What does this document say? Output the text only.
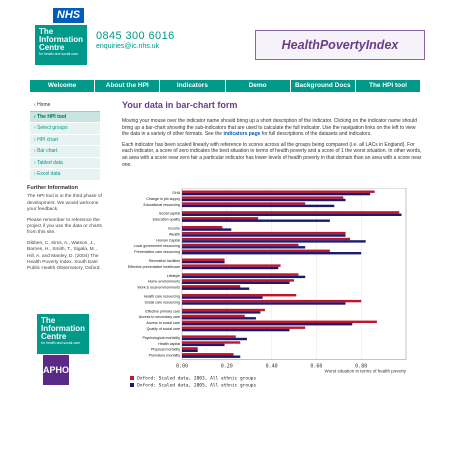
NHS
The
Information
Centre
for health and social care
0845 300 6016
enquiries@ic.nhs.uk	HealthPovertyIndex
Welcome	About the HPI	Indicators	Demo	Background Docs	The HPI tool
‹ Home
‹ The HPI tool
› Select groups
› HPI chart
› Bar chart
› Tabled data
› Excel data

Further Information

The HPI tool is in the third phase of development. We would welcome your feedback.

Please remember to reference the project if you use the data or charts from this site.

Dibben, C, Sims, A., Watson, J., Barnes, H., Smith, T., Sigala, M. , Hill, A. and Manley, D. (2004) The Health Poverty Index. South East Public Health Observatory, Oxford.

The
Information
Centre
for health and social care
APHO
Your data in bar-chart form

Moving your mouse over the indicator name should bring up a short description of the indicator. Clicking on the indicator name should bring up a bar-chart showing the sub-indicators that are used to calculate the full indicator. Use the navigation links on the left to view the data in a variety of other formats. See the indicators page for full descriptions of the datasets and indicators.

Each indicator has been scaled linearly with reference to scores across all the groups being compared (i.e. all LACs in England). For each indicator, a score of zero indicates the best situation in terms of health poverty and a score of 1 the worst situation. In other words, an area with a score near zero fair a particular indicator has lower levels of health poverty in that domain than an area with a score near one.

0.00	0.20	0.40	0.60	0.80
GHA
Change in job supply
Educational resourcing
Social capital
Education quality
Income
Wealth
Human Capital
Local government resourcing
Preventative care resourcing
Recreation facilities
Effective preventative healthcare
Lifestyle
Home environments
Work & local environments
Health care resourcing
Social care resourcing
Effective primary care
Access to secondary care
Access to social care
Quality of social care
Psychological morbidity
Health capital
Physical morbidity
Premature mortality
Worst situation in terms of health poverty
Oxford: Scaled data, 2003, All ethnic groups
Oxford: Scaled data, 2005, All ethnic groups
